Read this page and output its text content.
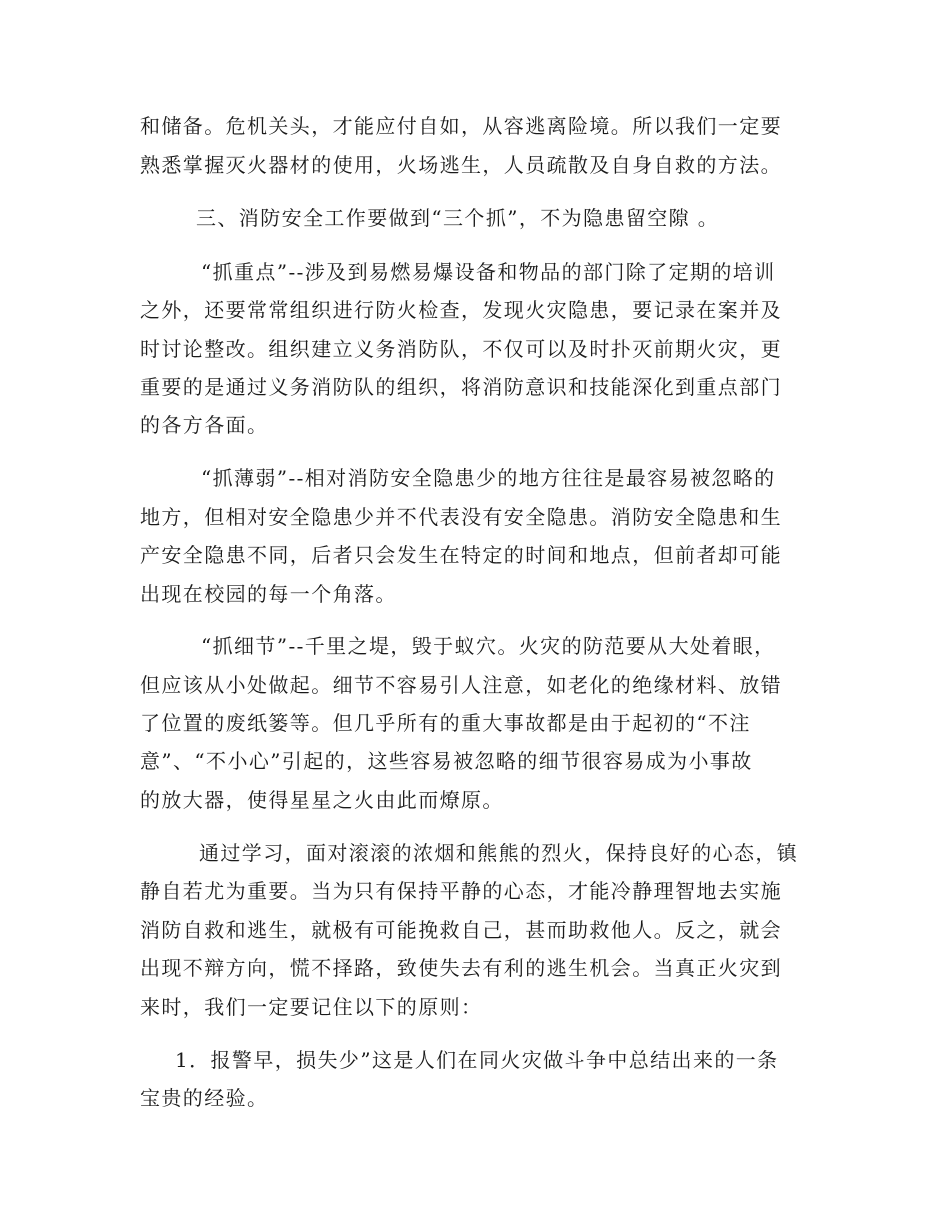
和储备。危机关头，才能应付自如，从容逃离险境。所以我们一定要
熟悉掌握灭火器材的使用，火场逃生，人员疏散及自身自救的方法。
三、消防安全工作要做到“三个抓”，不为隐患留空隙 。
“抓重点”--涉及到易燃易爆设备和物品的部门除了定期的培训
之外，还要常常组织进行防火检查，发现火灾隐患，要记录在案并及
时讨论整改。组织建立义务消防队，不仅可以及时扑灭前期火灾，更
重要的是通过义务消防队的组织，将消防意识和技能深化到重点部门
的各方各面。
“抓薄弱”--相对消防安全隐患少的地方往往是最容易被忽略的
地方，但相对安全隐患少并不代表没有安全隐患。消防安全隐患和生
产安全隐患不同，后者只会发生在特定的时间和地点，但前者却可能
出现在校园的每一个角落。
“抓细节”--千里之堤，毁于蚁穴。火灾的防范要从大处着眼，
但应该从小处做起。细节不容易引人注意，如老化的绝缘材料、放错
了位置的废纸篓等。但几乎所有的重大事故都是由于起初的“不注
意”、“不小心”引起的，这些容易被忽略的细节很容易成为小事故
的放大器，使得星星之火由此而燎原。
通过学习，面对滚滚的浓烟和熊熊的烈火，保持良好的心态，镇
静自若尤为重要。当为只有保持平静的心态，才能冷静理智地去实施
消防自救和逃生，就极有可能挽救自己，甚而助救他人。反之，就会
出现不辩方向，慌不择路，致使失去有利的逃生机会。当真正火灾到
来时，我们一定要记住以下的原则：
1．报警早，损失少”这是人们在同火灾做斗争中总结出来的一条
宝贵的经验。
